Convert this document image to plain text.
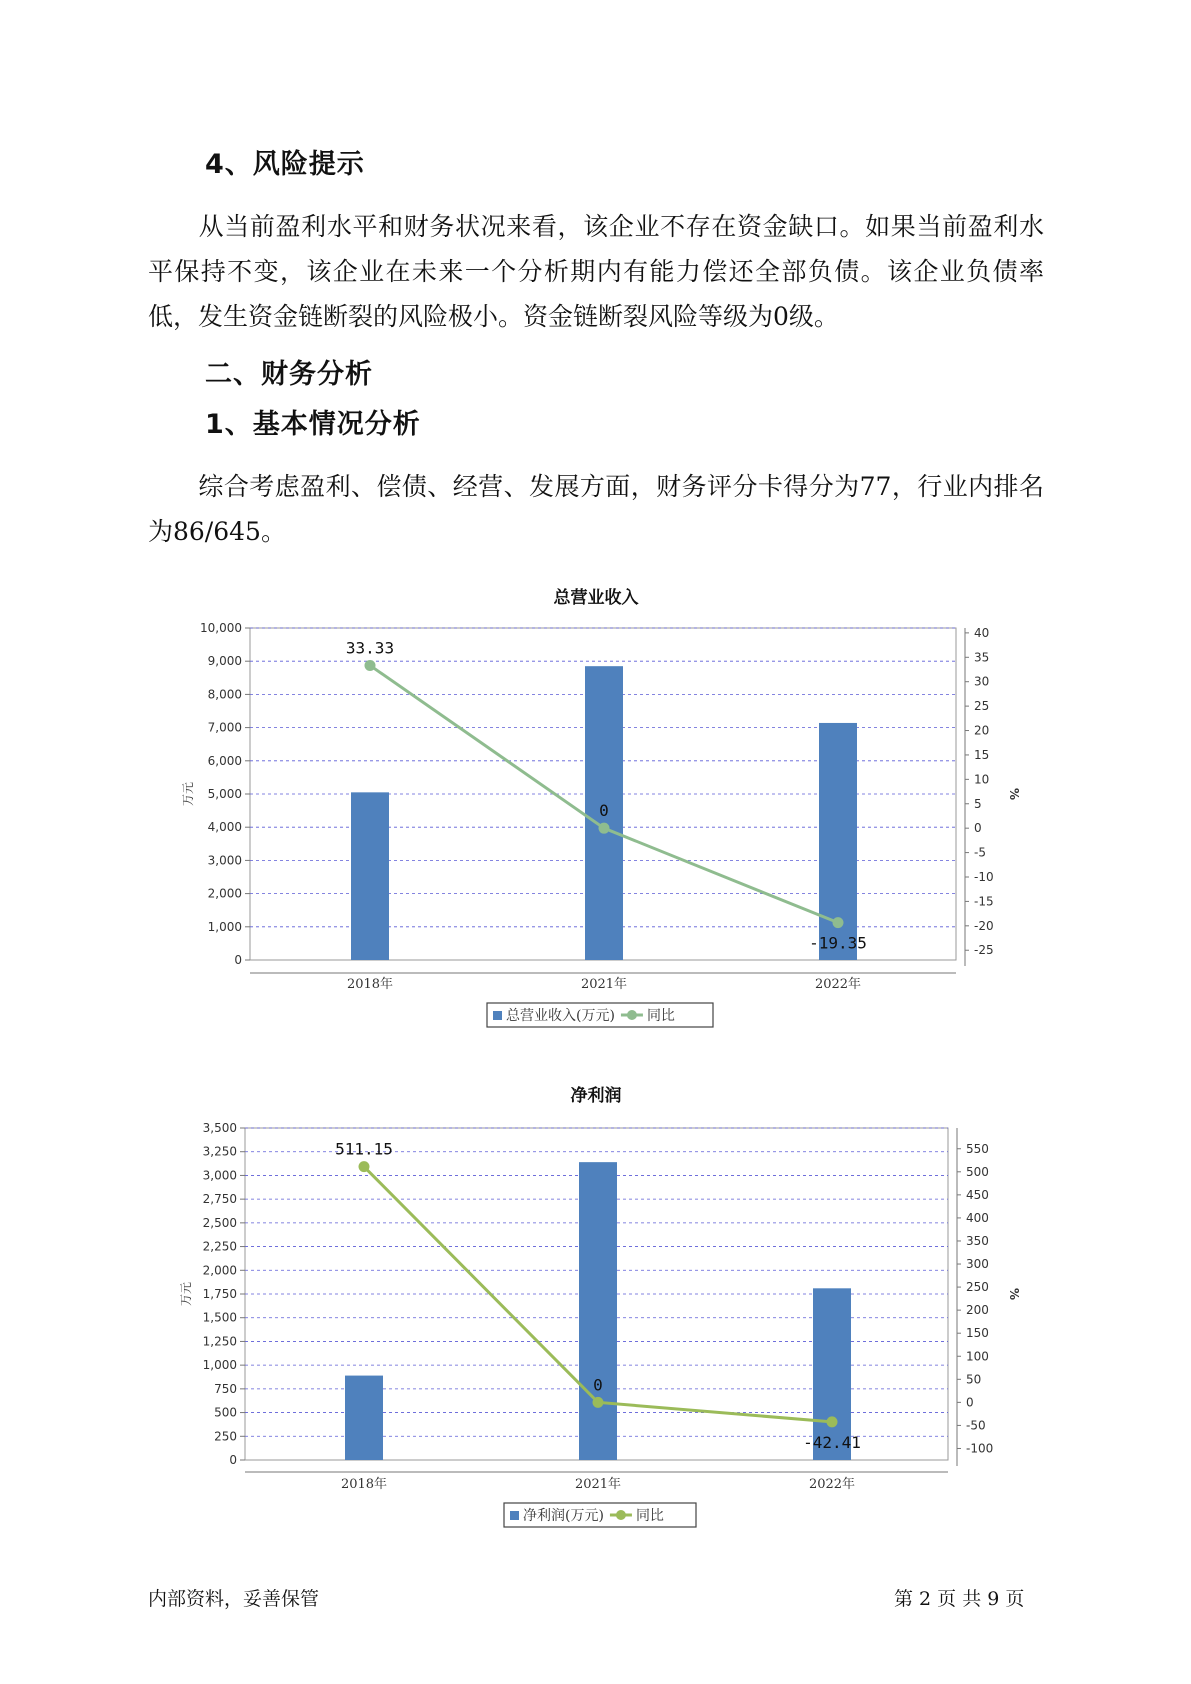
4、风险提示

从当前盈利水平和财务状况来看，该企业不存在资金缺口。如果当前盈利水平保持不变，该企业在未来一个分析期内有能力偿还全部负债。该企业负债率低，发生资金链断裂的风险极小。资金链断裂风险等级为0级。

二、财务分析
1、基本情况分析

综合考虑盈利、偿债、经营、发展方面，财务评分卡得分为77，行业内排名为86/645。

总营业收入
净利润
0
1,000
2,000
3,000
4,000
5,000
6,000
7,000
8,000
9,000
10,000
-25
-20
-15
-10
-5
0
5
10
15
20
25
30
35
40
万元	%
2018年	2021年	2022年
33.33
0
-19.35
总营业收入(万元) 同比
0
250
500
750
1,000
1,250
1,500
1,750
2,000
2,250
2,500
2,750
3,000
3,250
3,500
-100
-50
0
50
100
150
200
250
300
350
400
450
500
550
万元	%
2018年	2021年	2022年
511.15
0
-42.41
净利润(万元) 同比
内部资料，妥善保管	第 2 页 共 9 页
